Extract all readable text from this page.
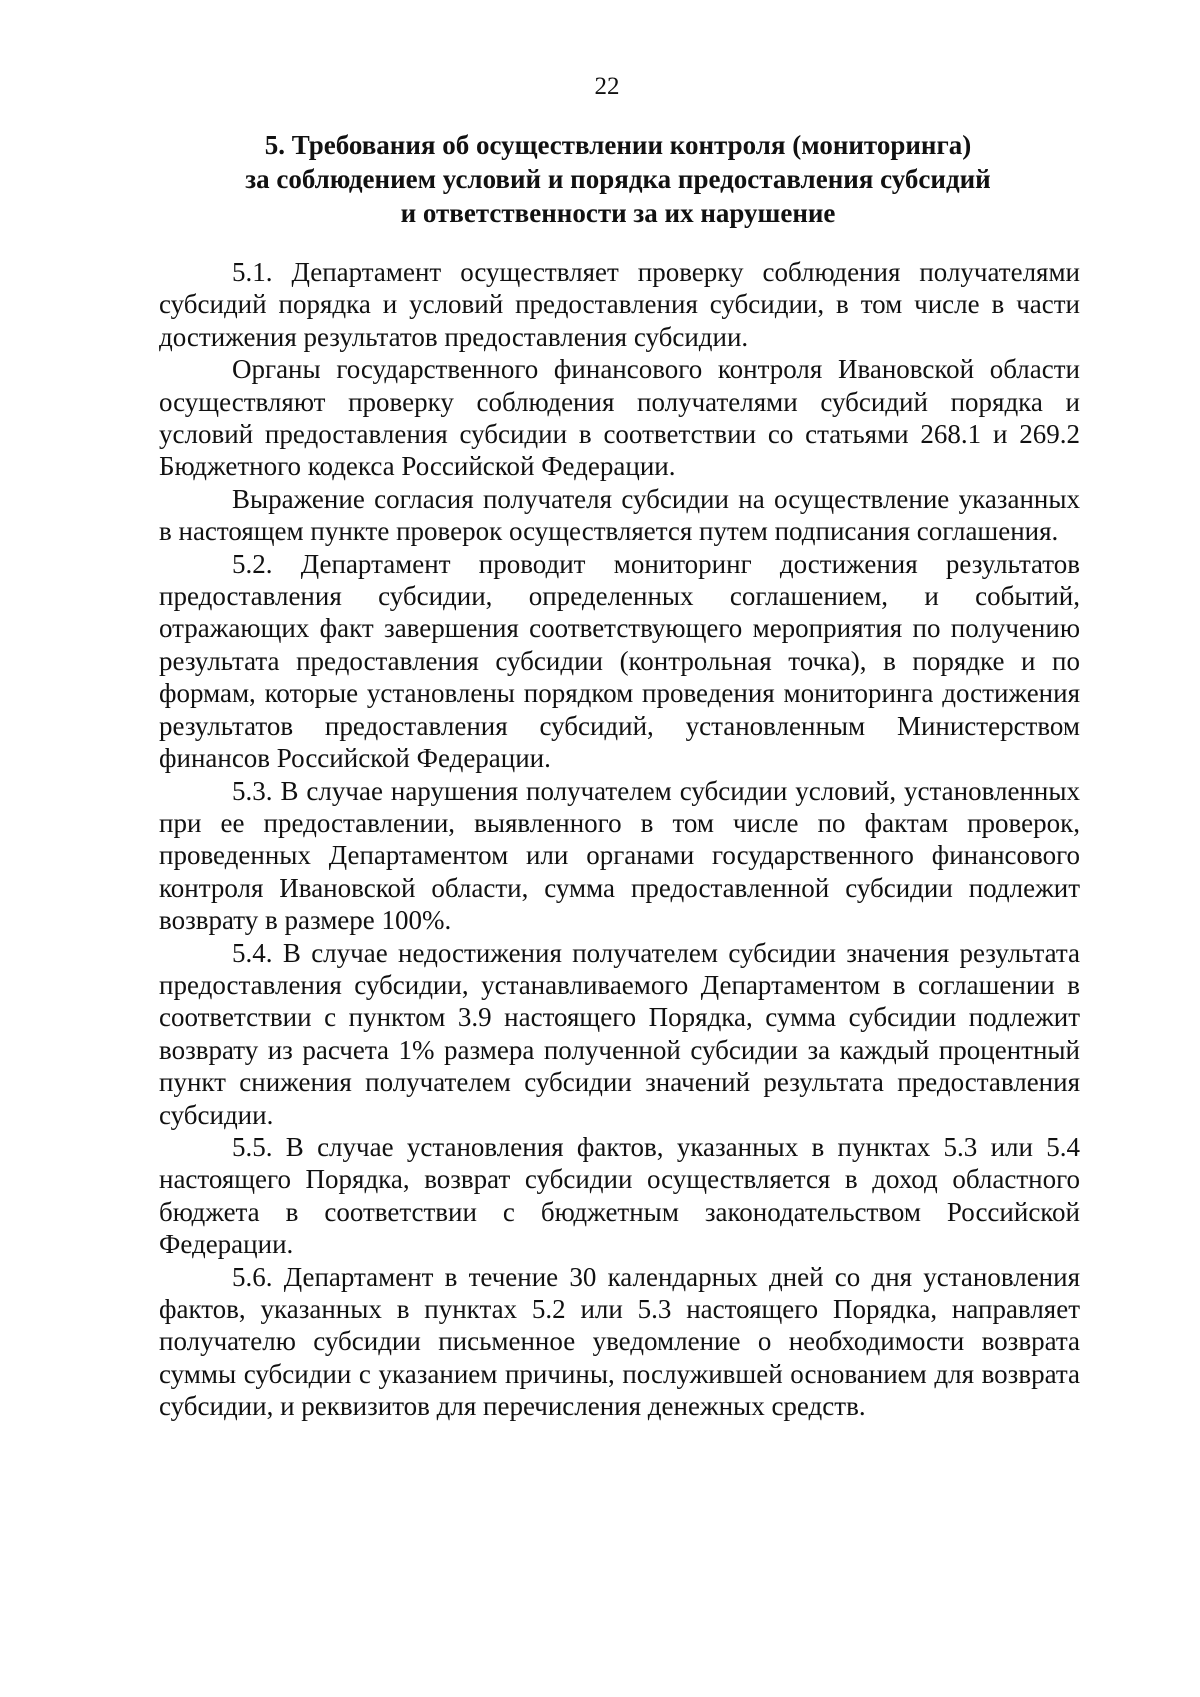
22
5. Требования об осуществлении контроля (мониторинга)
за соблюдением условий и порядка предоставления субсидий
и ответственности за их нарушение

5.1. Департамент осуществляет проверку соблюдения получателями субсидий порядка и условий предоставления субсидии, в том числе в части достижения результатов предоставления субсидии.

Органы государственного финансового контроля Ивановской области осуществляют проверку соблюдения получателями субсидий порядка и условий предоставления субсидии в соответствии со статьями 268.1 и 269.2 Бюджетного кодекса Российской Федерации.

Выражение согласия получателя субсидии на осуществление указанных в настоящем пункте проверок осуществляется путем подписания соглашения.

5.2. Департамент проводит мониторинг достижения результатов предоставления субсидии, определенных соглашением, и событий, отражающих факт завершения соответствующего мероприятия по получению результата предоставления субсидии (контрольная точка), в порядке и по формам, которые установлены порядком проведения мониторинга достижения результатов предоставления субсидий, установленным Министерством финансов Российской Федерации.

5.3. В случае нарушения получателем субсидии условий, установленных при ее предоставлении, выявленного в том числе по фактам проверок, проведенных Департаментом или органами государственного финансового контроля Ивановской области, сумма предоставленной субсидии подлежит возврату в размере 100%.

5.4. В случае недостижения получателем субсидии значения результата предоставления субсидии, устанавливаемого Департаментом в соглашении в соответствии с пунктом 3.9 настоящего Порядка, сумма субсидии подлежит возврату из расчета 1% размера полученной субсидии за каждый процентный пункт снижения получателем субсидии значений результата предоставления субсидии.

5.5. В случае установления фактов, указанных в пунктах 5.3 или 5.4 настоящего Порядка, возврат субсидии осуществляется в доход областного бюджета в соответствии с бюджетным законодательством Российской Федерации.

5.6. Департамент в течение 30 календарных дней со дня установления фактов, указанных в пунктах 5.2 или 5.3 настоящего Порядка, направляет получателю субсидии письменное уведомление о необходимости возврата суммы субсидии с указанием причины, послужившей основанием для возврата субсидии, и реквизитов для перечисления денежных средств.
